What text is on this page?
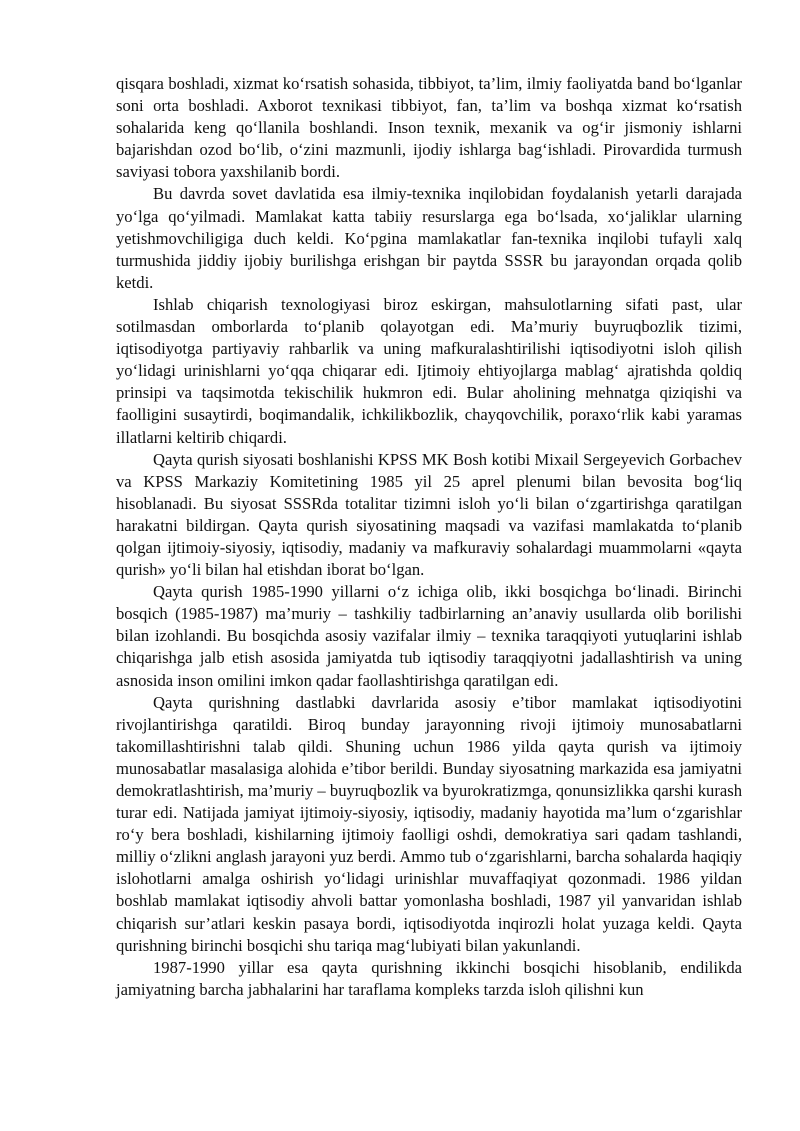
qisqara boshladi, xizmat ko‘rsatish sohasida, tibbiyot, ta’lim, ilmiy faoliyatda band bo‘lganlar soni orta boshladi. Axborot texnikasi tibbiyot, fan, ta’lim va boshqa xizmat ko‘rsatish sohalarida keng qo‘llanila boshlandi. Inson texnik, mexanik va og‘ir jismoniy ishlarni bajarishdan ozod bo‘lib, o‘zini mazmunli, ijodiy ishlarga bag‘ishladi. Pirovardida turmush saviyasi tobora yaxshilanib bordi.

Bu davrda sovet davlatida esa ilmiy-texnika inqilobidan foydalanish yetarli darajada yo‘lga qo‘yilmadi. Mamlakat katta tabiiy resurslarga ega bo‘lsada, xo‘jaliklar ularning yetishmovchiligiga duch keldi. Ko‘pgina mamlakatlar fan-texnika inqilobi tufayli xalq turmushida jiddiy ijobiy burilishga erishgan bir paytda SSSR bu jarayondan orqada qolib ketdi.

Ishlab chiqarish texnologiyasi biroz eskirgan, mahsulotlarning sifati past, ular sotilmasdan omborlarda to‘planib qolayotgan edi. Ma’muriy buyruqbozlik tizimi, iqtisodiyotga partiyaviy rahbarlik va uning mafkuralashtirilishi iqtisodiyotni isloh qilish yo‘lidagi urinishlarni yo‘qqa chiqarar edi. Ijtimoiy ehtiyojlarga mablag‘ ajratishda qoldiq prinsipi va taqsimotda tekischilik hukmron edi. Bular aholining mehnatga qiziqishi va faolligini susaytirdi, boqimandalik, ichkilikbozlik, chayqovchilik, poraxo‘rlik kabi yaramas illatlarni keltirib chiqardi.

Qayta qurish siyosati boshlanishi KPSS MK Bosh kotibi Mixail Sergeyevich Gorbachev va KPSS Markaziy Komitetining 1985 yil 25 aprel plenumi bilan bevosita bog‘liq hisoblanadi. Bu siyosat SSSRda totalitar tizimni isloh yo‘li bilan o‘zgartirishga qaratilgan harakatni bildirgan. Qayta qurish siyosatining maqsadi va vazifasi mamlakatda to‘planib qolgan ijtimoiy-siyosiy, iqtisodiy, madaniy va mafkuraviy sohalardagi muammolarni «qayta qurish» yo‘li bilan hal etishdan iborat bo‘lgan.

Qayta qurish 1985-1990 yillarni o‘z ichiga olib, ikki bosqichga bo‘linadi. Birinchi bosqich (1985-1987) ma’muriy – tashkiliy tadbirlarning an’anaviy usullarda olib borilishi bilan izohlandi. Bu bosqichda asosiy vazifalar ilmiy – texnika taraqqiyoti yutuqlarini ishlab chiqarishga jalb etish asosida jamiyatda tub iqtisodiy taraqqiyotni jadallashtirish va uning asnosida inson omilini imkon qadar faollashtirishga qaratilgan edi.

Qayta qurishning dastlabki davrlarida asosiy e’tibor mamlakat iqtisodiyotini rivojlantirishga qaratildi. Biroq bunday jarayonning rivoji ijtimoiy munosabatlarni takomillashtirishni talab qildi. Shuning uchun 1986 yilda qayta qurish va ijtimoiy munosabatlar masalasiga alohida e’tibor berildi. Bunday siyosatning markazida esa jamiyatni demokratlashtirish, ma’muriy – buyruqbozlik va byurokratizmga, qonunsizlikka qarshi kurash turar edi. Natijada jamiyat ijtimoiy-siyosiy, iqtisodiy, madaniy hayotida ma’lum o‘zgarishlar ro‘y bera boshladi, kishilarning ijtimoiy faolligi oshdi, demokratiya sari qadam tashlandi, milliy o‘zlikni anglash jarayoni yuz berdi. Ammo tub o‘zgarishlarni, barcha sohalarda haqiqiy islohotlarni amalga oshirish yo‘lidagi urinishlar muvaffaqiyat qozonmadi. 1986 yildan boshlab mamlakat iqtisodiy ahvoli battar yomonlasha boshladi, 1987 yil yanvaridan ishlab chiqarish sur’atlari keskin pasaya bordi, iqtisodiyotda inqirozli holat yuzaga keldi. Qayta qurishning birinchi bosqichi shu tariqa mag‘lubiyati bilan yakunlandi.

1987-1990 yillar esa qayta qurishning ikkinchi bosqichi hisoblanib, endilikda jamiyatning barcha jabhalarini har taraflama kompleks tarzda isloh qilishni kun
